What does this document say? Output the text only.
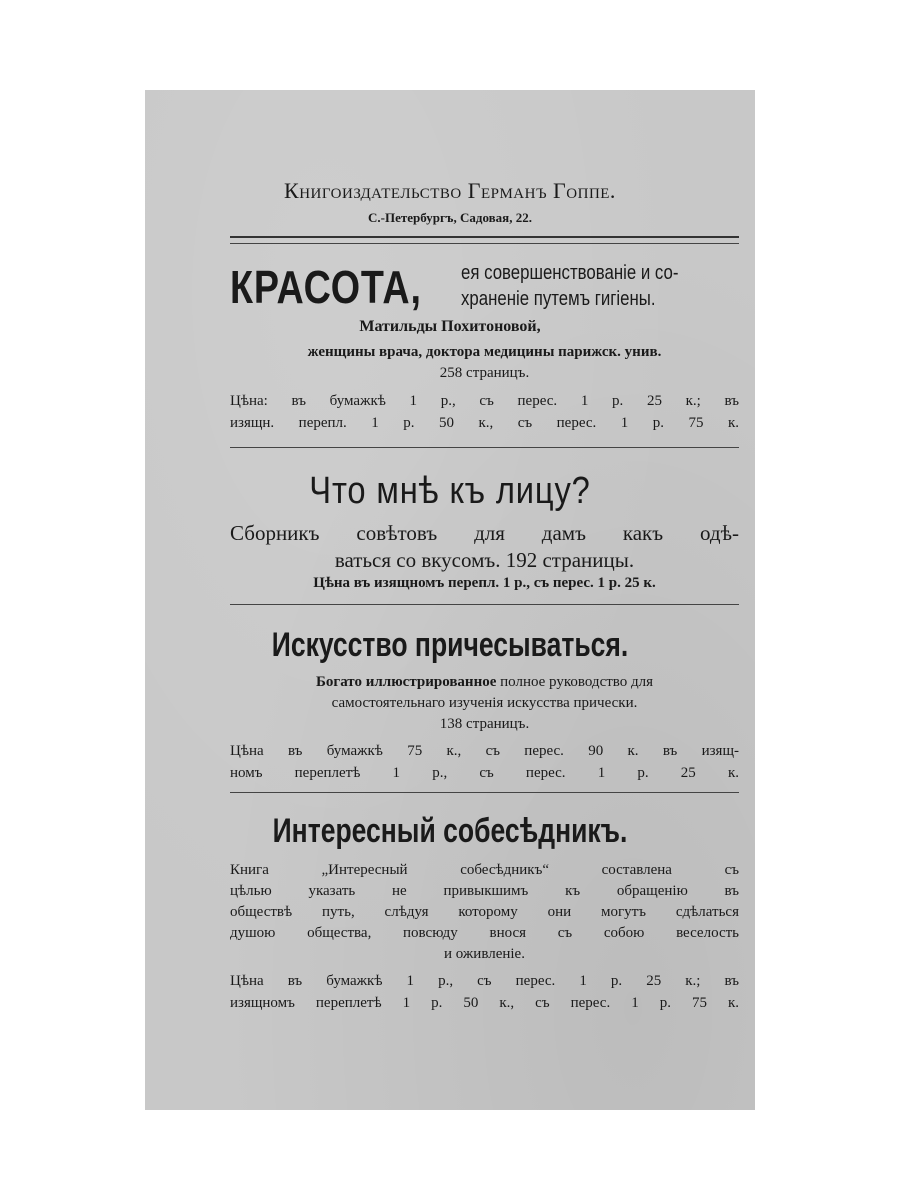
Книгоиздательство Германъ Гоппе.
С.-Петербургъ, Садовая, 22.
КРАСОТА, ея совершенствованіе и со-
храненіе путемъ гигіены.
Матильды Похитоновой,
женщины врача, доктора медицины парижск. унив.
258 страницъ.
Цѣна: въ бумажкѣ 1 р., съ перес. 1 р. 25 к.; въ
изящн. перепл. 1 р. 50 к., съ перес. 1 р. 75 к.
Что мнѣ къ лицу?
Сборникъ совѣтовъ для дамъ какъ одѣ-
ваться со вкусомъ. 192 страницы.
Цѣна въ изящномъ перепл. 1 р., съ перес. 1 р. 25 к.
Искусство причесываться.
Богато иллюстрированное полное руководство для
самостоятельнаго изученія искусства прически.
138 страницъ.
Цѣна въ бумажкѣ 75 к., съ перес. 90 к. въ изящ-
номъ переплетѣ 1 р., съ перес. 1 р. 25 к.
Интересный собесѣдникъ.
Книга „Интересный собесѣдникъ“ составлена съ
цѣлью указать не привыкшимъ къ обращенію въ
обществѣ путь, слѣдуя которому они могутъ сдѣлаться
душою общества, повсюду внося съ собою веселость
и оживленіе.
Цѣна въ бумажкѣ 1 р., съ перес. 1 р. 25 к.; въ
изящномъ переплетѣ 1 р. 50 к., съ перес. 1 р. 75 к.
